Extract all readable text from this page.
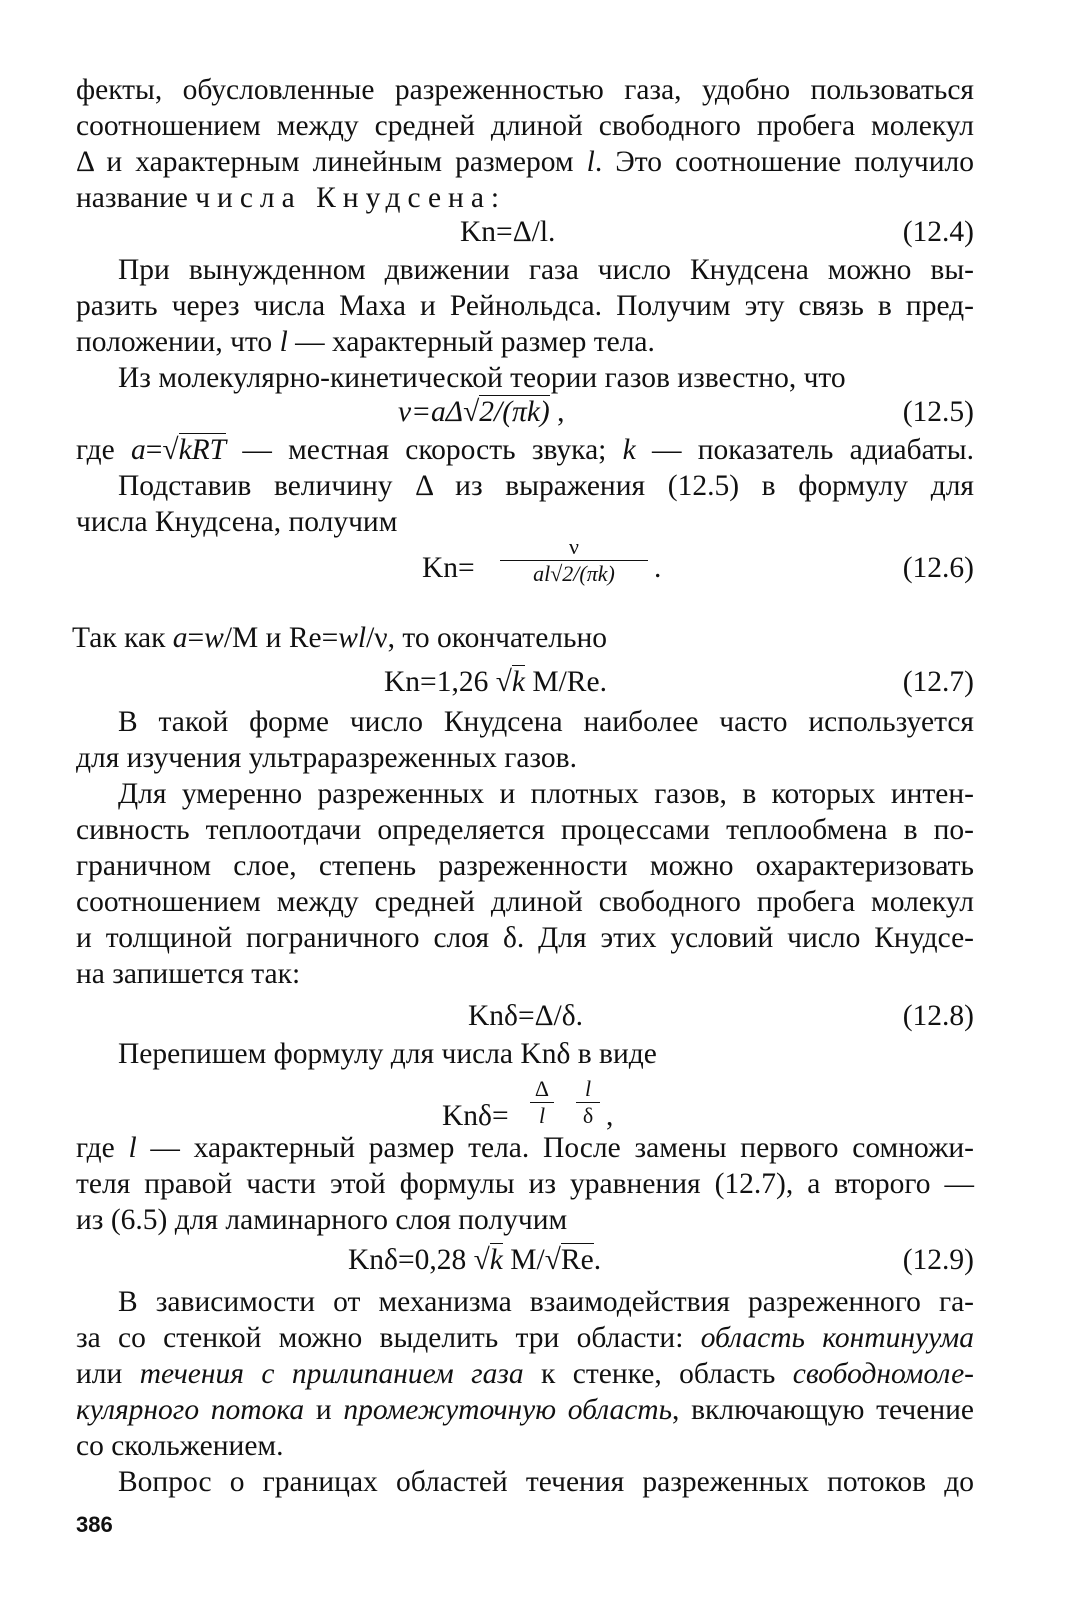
фекты, обусловленные разреженностью газа, удобно пользоваться
соотношением между средней длиной свободного пробега молекул
Δ и характерным линейным размером l. Это соотношение получило
название числа Кнудсена:
Kn=Δ/l.	(12.4)
При вынужденном движении газа число Кнудсена можно вы-
разить через числа Маха и Рейнольдса. Получим эту связь в пред-
положении, что l — характерный размер тела.
Из молекулярно-кинетической теории газов известно, что
ν=aΔ√2/(πk) ,	(12.5)
где a=√kRT — местная скорость звука; k — показатель адиабаты.
Подставив величину Δ из выражения (12.5) в формулу для
числа Кнудсена, получим
Kn=
ν
al√2/(πk)	.	(12.6)
Так как a=w/M и Re=wl/ν, то окончательно
Kn=1,26 √k M/Re.	(12.7)
В такой форме число Кнудсена наиболее часто используется
для изучения ультраразреженных газов.
Для умеренно разреженных и плотных газов, в которых интен-
сивность теплоотдачи определяется процессами теплообмена в по-
граничном слое, степень разреженности можно охарактеризовать
соотношением между средней длиной свободного пробега молекул
и толщиной пограничного слоя δ. Для этих условий число Кнудсе-
на запишется так:
Knδ=Δ/δ.	(12.8)
Перепишем формулу для числа Knδ в виде
Knδ=
Δ
l
l
δ ,
где l — характерный размер тела. После замены первого сомножи-
теля правой части этой формулы из уравнения (12.7), а второго —
из (6.5) для ламинарного слоя получим
Knδ=0,28 √k M/√Re.	(12.9)
В зависимости от механизма взаимодействия разреженного га-
за со стенкой можно выделить три области: область континуума
или течения с прилипанием газа к стенке, область свободномоле-
кулярного потока и промежуточную область, включающую течение
со скольжением.
Вопрос о границах областей течения разреженных потоков до
386
